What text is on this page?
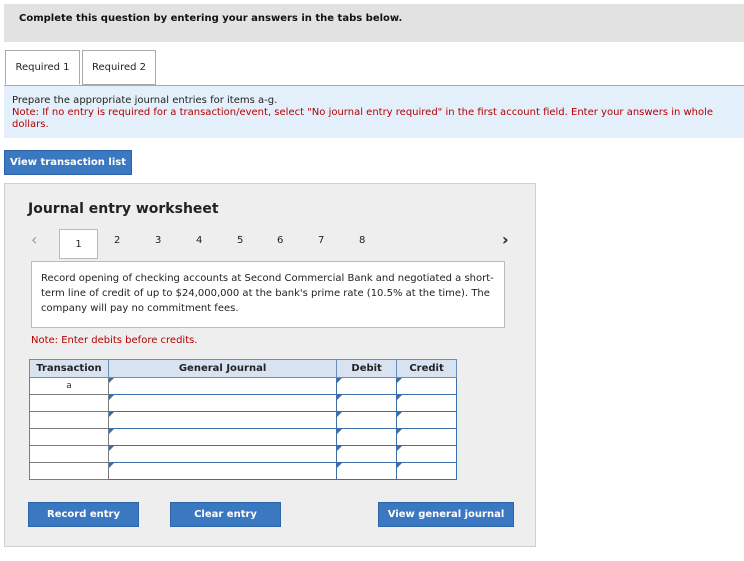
Complete this question by entering your answers in the tabs below.
Required 1 Required 2
Prepare the appropriate journal entries for items a-g.
Note: If no entry is required for a transaction/event, select "No journal entry required" in the first account field. Enter your answers in whole dollars.
View transaction list
Journal entry worksheet
‹	›
1	2	3	4	5	6	7	8
Record opening of checking accounts at Second Commercial Bank and negotiated a short-term line of credit of up to $24,000,000 at the bank's prime rate (10.5% at the time). The company will pay no commitment fees.
Note: Enter debits before credits.
Transaction	General Journal	Debit	Credit
a			

Record entry	Clear entry	View general journal
